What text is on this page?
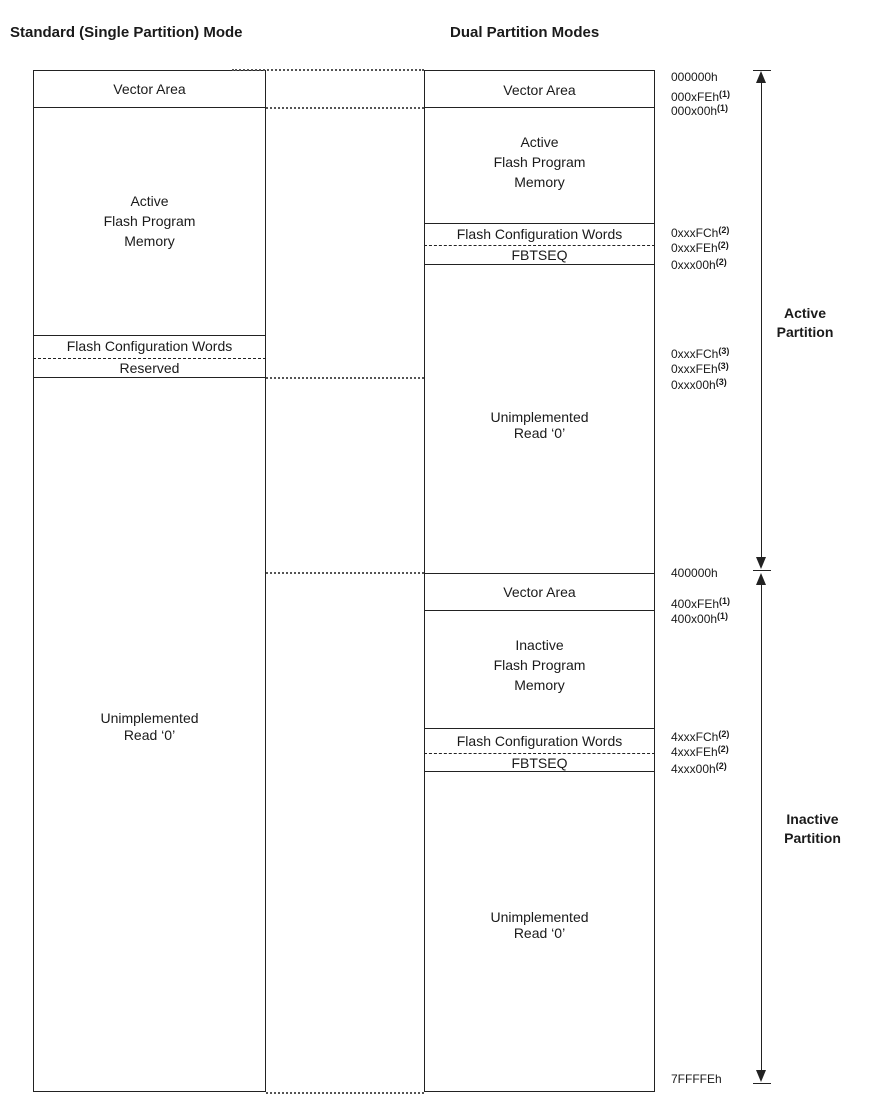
Standard (Single Partition) Mode	Dual Partition Modes
Vector Area
Active
Flash Program
Memory
Flash Configuration Words
Reserved
Unimplemented
Read ‘0’
Vector Area
Active
Flash Program
Memory
Flash Configuration Words
FBTSEQ
Unimplemented
Read ‘0’
Vector Area
Inactive
Flash Program
Memory
Flash Configuration Words
FBTSEQ
Unimplemented
Read ‘0’
000000h
000xFEh$^{(1)}$
$000x00h^{(1)}$
0xxxFCh$^{(2)}$
0xxxFEh$^{(2)}$
$0xxx00h^{(2)}$
0xxxFCh$^{(3)}$
0xxxFEh$^{(3)}$
$0xxx00h^{(3)}$
400000h
400xFEh$^{(1)}$
$400x00h^{(1)}$
4xxxFCh$^{(2)}$
4xxxFEh$^{(2)}$
$4xxx00h^{(2)}$
7FFFFEh
Active
Partition
Inactive
Partition
